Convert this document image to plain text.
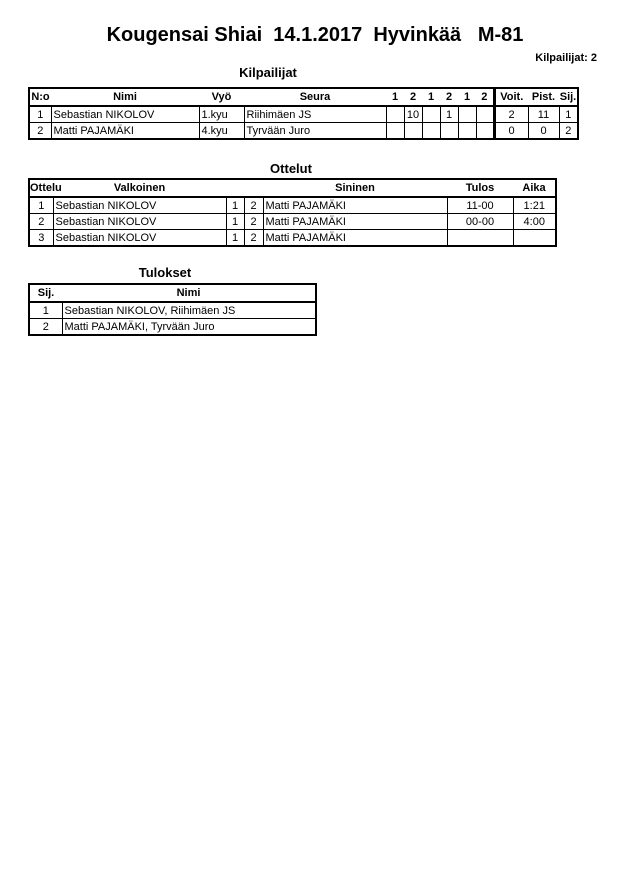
Kougensai Shiai  14.1.2017  Hyvinkää   M-81
Kilpailijat: 2
Kilpailijat
N:o	Nimi	Vyö	Seura	1	2	1	2	1	2	Voit.	Pist.	Sij.
1	Sebastian NIKOLOV	1.kyu	Riihimäen JS		10		1			2	11	1
2	Matti PAJAMÄKI	4.kyu	Tyrvään Juro							0	0	2
Ottelut
Ottelu	Valkoinen			Sininen	Tulos	Aika
1	Sebastian NIKOLOV	1	2	Matti PAJAMÄKI	11-00	1:21
2	Sebastian NIKOLOV	1	2	Matti PAJAMÄKI	00-00	4:00
3	Sebastian NIKOLOV	1	2	Matti PAJAMÄKI		
Tulokset
Sij.	Nimi
1	Sebastian NIKOLOV, Riihimäen JS
2	Matti PAJAMÄKI, Tyrvään Juro
